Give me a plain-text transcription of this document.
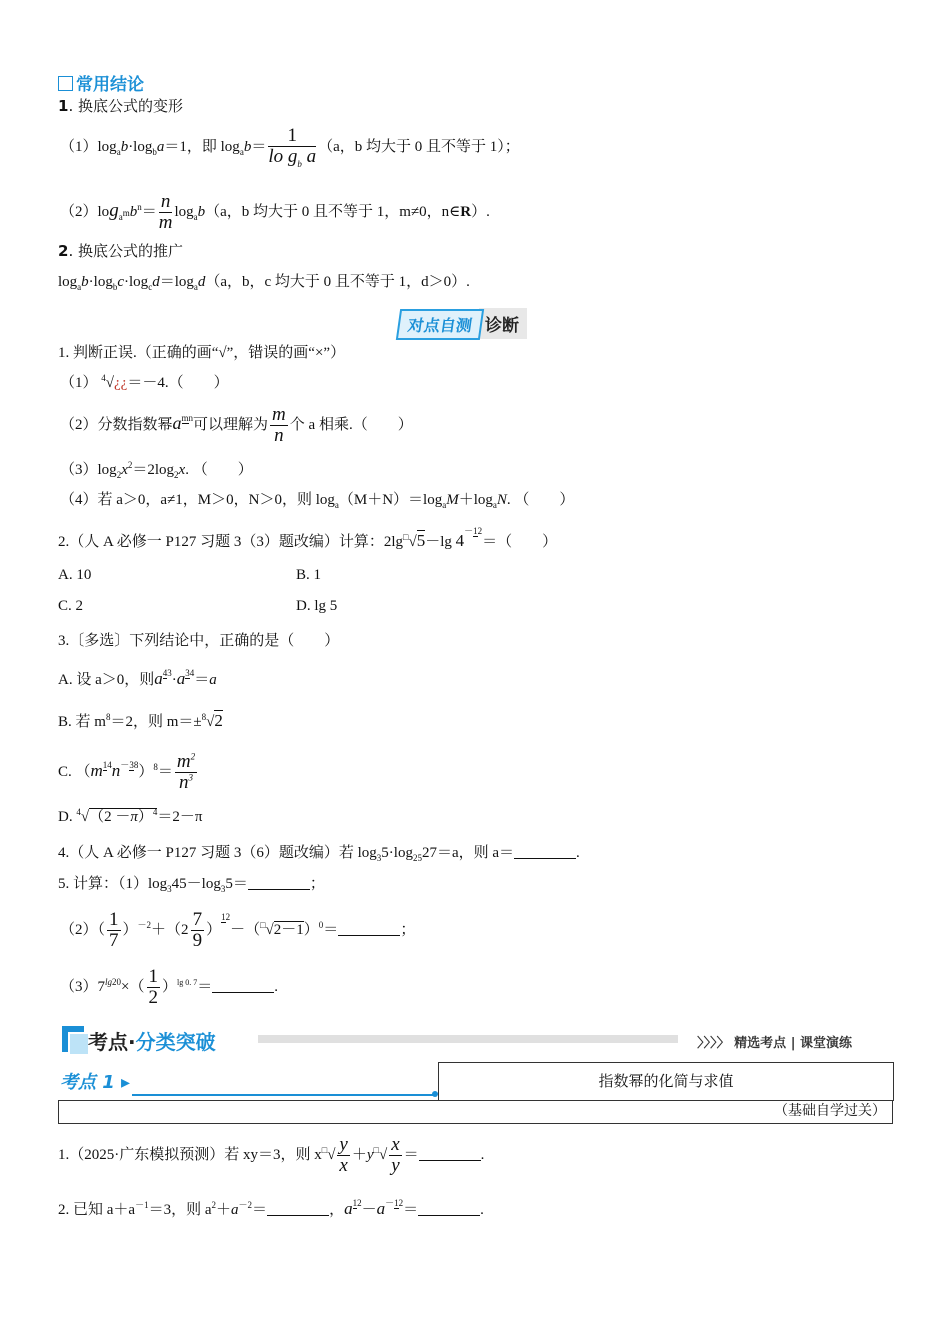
常用结论
1. 换底公式的变形
$(1)\log_ab\cdot\log_ba=1$，即 $\log_ab= \frac{1}{lo g_b a} (a$，b 均大于 0 且不等于 1）；
$(2)\log_{a^m}b^n= \frac{n}{m} \log_ab(a$，b 均大于 0 且不等于 1，m≠0，n∈R）.
2. 换底公式的推广
$\log_ab\cdot\log_bc\cdot\log_cd=\log_ad(a$，b，c 均大于 0 且不等于 1，d＞0）.
对点自测 诊断
1. 判断正误.（正确的画“√”，错误的画“×”）
（1） $^4$√¿¿＝－4.（　　）
（2）分数指数幂amn可以理解为 $\frac{m}{n}$ 个 a 相乘.（　　）
$(3)\log_2x^2=2\log_2x$. （　　）
（4）若 a＞0，a≠1，M＞0，N＞0，则 $\log_a(M+N)=\log_aM+\log_aN$. （　　）
2.（人 A 必修一 P127 习题 3（3）题改编）计算：2lg□√5－lg 4－12＝（　　）
A. 10	B. 1
C. 2	D. lg 5
3.〔多选〕下列结论中，正确的是（　　）
A. 设 a＞0，则a43·a34＝a
B. 若 $m^8=2$，则 m＝±$^8$√2
C. $(m14n-38)^8= \frac{m^2}{n^3}$
D. $^4√(2 -\pi)^4=2-\pi$
4.（人 A 必修一 P127 习题 3（6）题改编）若 $\log_35\cdot\log_{25}27=a$，则 a＝	.
5. 计算：$(1)\log_345-\log_35=$	；
$(2)( \frac{1}{7} )^{-2}+(2 \frac{7}{9} )12-(^□√2-1)^0=$	；
$(3)7^{lg20}\times( \frac{1}{2} )^{lg 0. 7}=$	.
考点·分类突破	〉〉〉〉 精选考点 | 课堂演练
考点 1 ▸	指数幂的化简与求值
（基础自学过关）
1.（2025·广东模拟预测）若 xy＝3，则 $x^□√ \frac{y}{x} +y^□√ \frac{x}{y}$ ＝	.
2. 已知 $a+a^{-1}=3$，则 $a^2+a^{-2}=$	，a12－a－12＝	.
